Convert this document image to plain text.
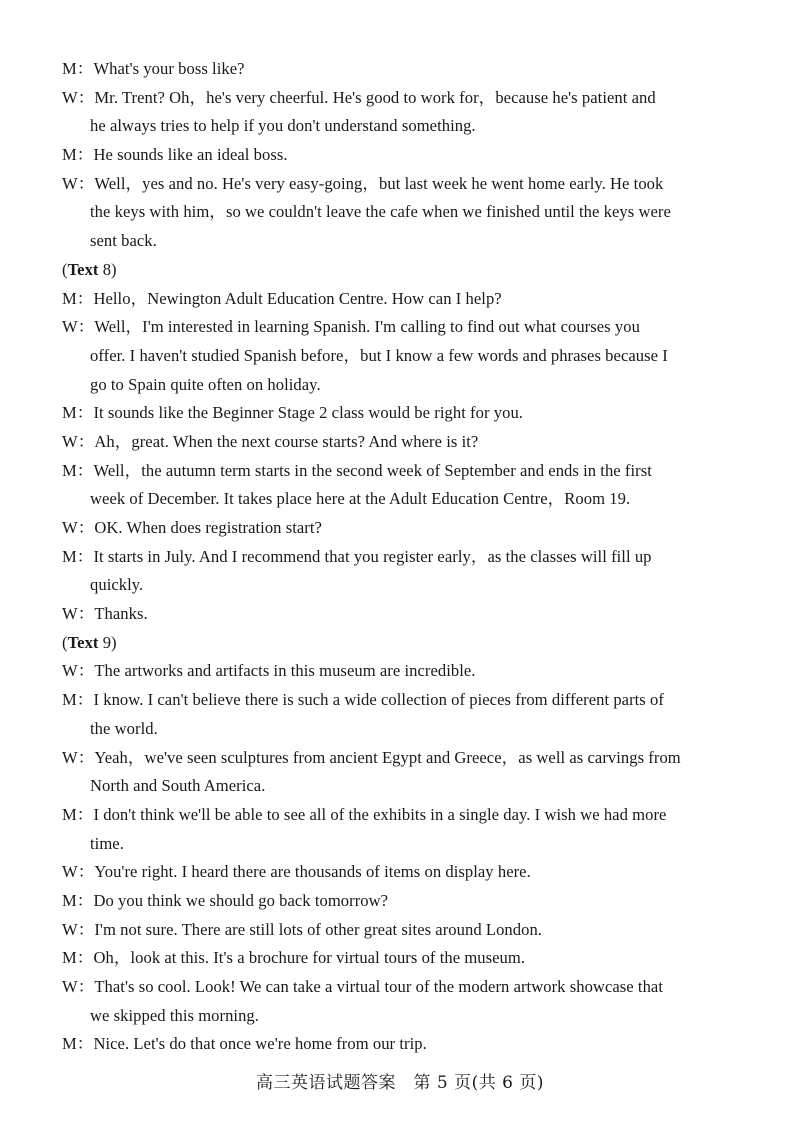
M：What's your boss like?
W：Mr. Trent? Oh，he's very cheerful. He's good to work for，because he's patient and
he always tries to help if you don't understand something.
M：He sounds like an ideal boss.
W：Well，yes and no. He's very easy-going，but last week he went home early. He took
the keys with him，so we couldn't leave the cafe when we finished until the keys were
sent back.
(Text 8)
M：Hello，Newington Adult Education Centre. How can I help?
W：Well，I'm interested in learning Spanish. I'm calling to find out what courses you
offer. I haven't studied Spanish before，but I know a few words and phrases because I
go to Spain quite often on holiday.
M：It sounds like the Beginner Stage 2 class would be right for you.
W：Ah，great. When the next course starts? And where is it?
M：Well，the autumn term starts in the second week of September and ends in the first
week of December. It takes place here at the Adult Education Centre，Room 19.
W：OK. When does registration start?
M：It starts in July. And I recommend that you register early，as the classes will fill up
quickly.
W：Thanks.
(Text 9)
W：The artworks and artifacts in this museum are incredible.
M：I know. I can't believe there is such a wide collection of pieces from different parts of
the world.
W：Yeah，we've seen sculptures from ancient Egypt and Greece，as well as carvings from
North and South America.
M：I don't think we'll be able to see all of the exhibits in a single day. I wish we had more
time.
W：You're right. I heard there are thousands of items on display here.
M：Do you think we should go back tomorrow?
W：I'm not sure. There are still lots of other great sites around London.
M：Oh，look at this. It's a brochure for virtual tours of the museum.
W：That's so cool. Look! We can take a virtual tour of the modern artwork showcase that
we skipped this morning.
M：Nice. Let's do that once we're home from our trip.
高三英语试题答案　第 5 页(共 6 页)
